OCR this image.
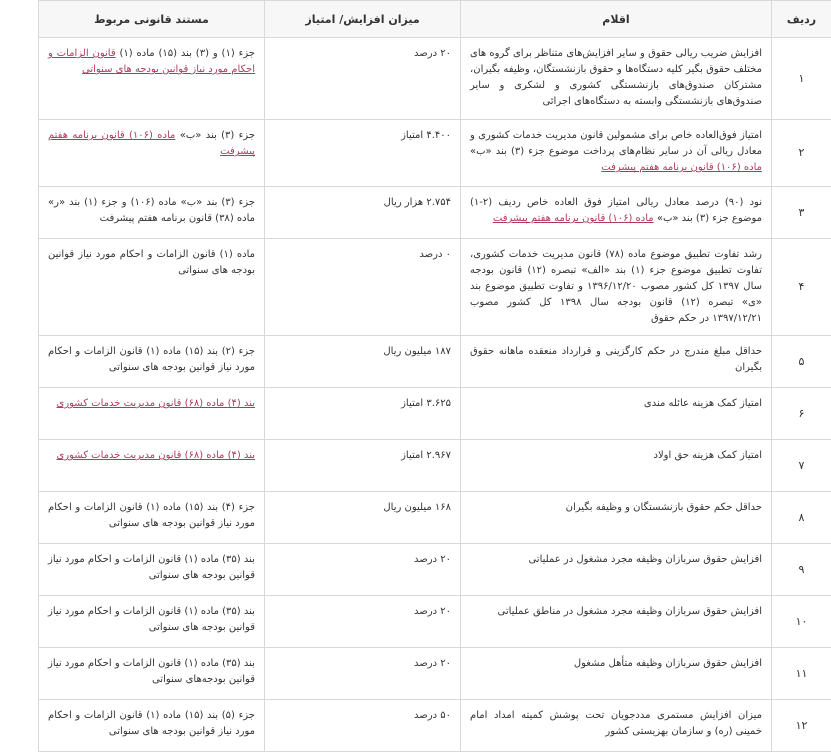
ردیف	اقلام	میزان افزایش/ امتیاز	مستند قانونی مربوط
۱	افزایش ضریب ریالی حقوق و سایر افزایش‌های متناظر برای گروه های مختلف حقوق بگیر کلیه دستگاه‌ها و حقوق بازنشستگان، وظیفه بگیران، مشترکان صندوق‌های بازنشستگی کشوری و لشکری و سایر صندوق‌های بازنشستگی وابسته به دستگاه‌های اجرائی	۲۰ درصد	جزء (۱) و (۳) بند (۱۵) ماده (۱) قانون الزامات و احکام مورد نیاز قوانین بودجه های سنواتی

۲	امتیاز فوق‌العاده خاص برای مشمولین قانون مدیریت خدمات کشوری و معادل ریالی آن در سایر نظام‌های پرداخت موضوع جزء (۳) بند «ب» ماده (۱۰۶) قانون برنامه هفتم پیشرفت	۴.۴۰۰ امتیاز	جزء (۳) بند «ب» ماده (۱۰۶) قانون برنامه هفتم پیشرفت

۳	نود (۹۰) درصد معادل ریالی امتیاز فوق العاده خاص ردیف (۲-۱) موضوع جزء (۳) بند «ب» ماده (۱۰۶) قانون برنامه هفتم پیشرفت	۲.۷۵۴ هزار ریال	جزء (۳) بند «ب» ماده (۱۰۶) و جزء (۱) بند «ر» ماده (۳۸) قانون برنامه هفتم پیشرفت

۴	رشد تفاوت تطبیق موضوع ماده (۷۸) قانون مدیریت خدمات کشوری، تفاوت تطبیق موضوع جزء (۱) بند «الف» تبصره (۱۲) قانون بودجه سال ۱۳۹۷ کل کشور مصوب ۱۳۹۶/۱۲/۲۰ و تفاوت تطبیق موضوع بند «ی» تبصره (۱۲) قانون بودجه سال ۱۳۹۸ کل کشور مصوب ۱۳۹۷/۱۲/۲۱ در حکم حقوق	۰ درصد	ماده (۱) قانون الزامات و احکام مورد نیاز قوانین بودجه های سنواتی

۵	حداقل مبلغ مندرج در حکم کارگزینی و قرارداد منعقده ماهانه حقوق بگیران	۱۸۷ میلیون ریال	جزء (۲) بند (۱۵) ماده (۱) قانون الزامات و احکام مورد نیاز قوانین بودجه های سنواتی

۶	امتیاز کمک هزینه عائله مندی	۳.۶۲۵ امتیاز	بند (۴) ماده (۶۸) قانون مدیریت خدمات کشوری

۷	امتیاز کمک هزینه حق اولاد	۲.۹۶۷ امتیاز	بند (۴) ماده (۶۸) قانون مدیریت خدمات کشوری

۸	حداقل حکم حقوق بازنشستگان و وظیفه بگیران	۱۶۸ میلیون ریال	جزء (۴) بند (۱۵) ماده (۱) قانون الزامات و احکام مورد نیاز قوانین بودجه های سنواتی

۹	افزایش حقوق سربازان وظیفه مجرد مشغول در عملیاتی	۲۰ درصد	بند (۳۵) ماده (۱) قانون الزامات و احکام مورد نیاز قوانین بودجه های سنواتی

۱۰	افزایش حقوق سربازان وظیفه مجرد مشغول در مناطق عملیاتی	۲۰ درصد	بند (۳۵) ماده (۱) قانون الزامات و احکام مورد نیاز قوانین بودجه های سنواتی

۱۱	افزایش حقوق سربازان وظیفه متأهل مشغول	۲۰ درصد	بند (۳۵) ماده (۱) قانون الزامات و احکام مورد نیاز قوانین بودجه‌های سنواتی

۱۲	میزان افزایش مستمری مددجویان تحت پوشش کمیته امداد امام خمینی (ره) و سازمان بهزیستی کشور	۵۰ درصد	جزء (۵) بند (۱۵) ماده (۱) قانون الزامات و احکام مورد نیاز قوانین بودجه های سنواتی
